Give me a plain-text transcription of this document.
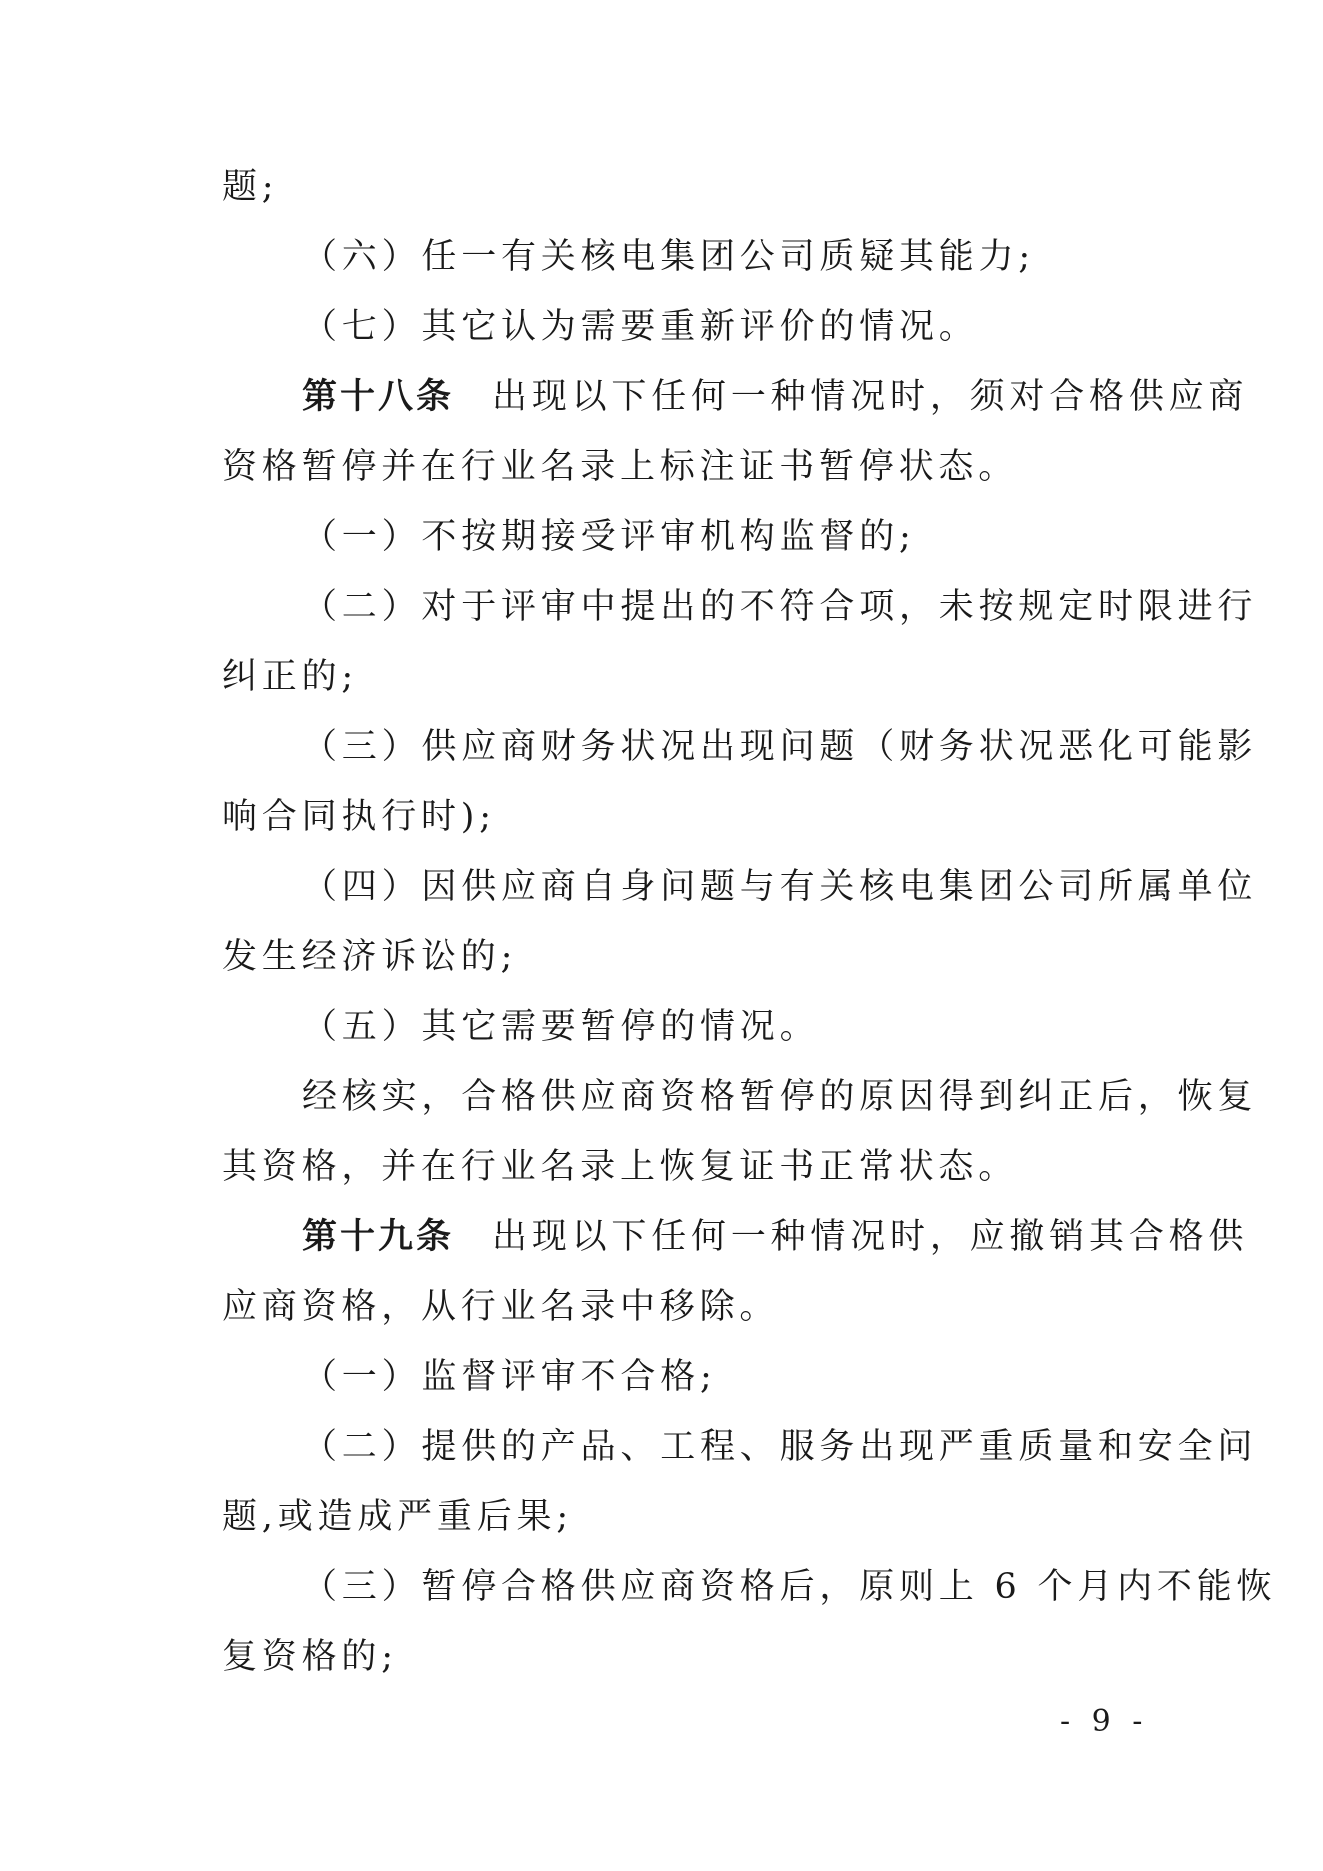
题;
（六）任一有关核电集团公司质疑其能力;
（七）其它认为需要重新评价的情况。
第十八条 出现以下任何一种情况时，须对合格供应商
资格暂停并在行业名录上标注证书暂停状态。
（一）不按期接受评审机构监督的;
（二）对于评审中提出的不符合项，未按规定时限进行
纠正的;
（三）供应商财务状况出现问题（财务状况恶化可能影
响合同执行时);
（四）因供应商自身问题与有关核电集团公司所属单位
发生经济诉讼的;
（五）其它需要暂停的情况。
经核实，合格供应商资格暂停的原因得到纠正后，恢复
其资格，并在行业名录上恢复证书正常状态。
第十九条 出现以下任何一种情况时，应撤销其合格供
应商资格，从行业名录中移除。
（一）监督评审不合格;
（二）提供的产品、工程、服务出现严重质量和安全问
题,或造成严重后果;
（三）暂停合格供应商资格后，原则上 6 个月内不能恢
复资格的;
- 9 -
